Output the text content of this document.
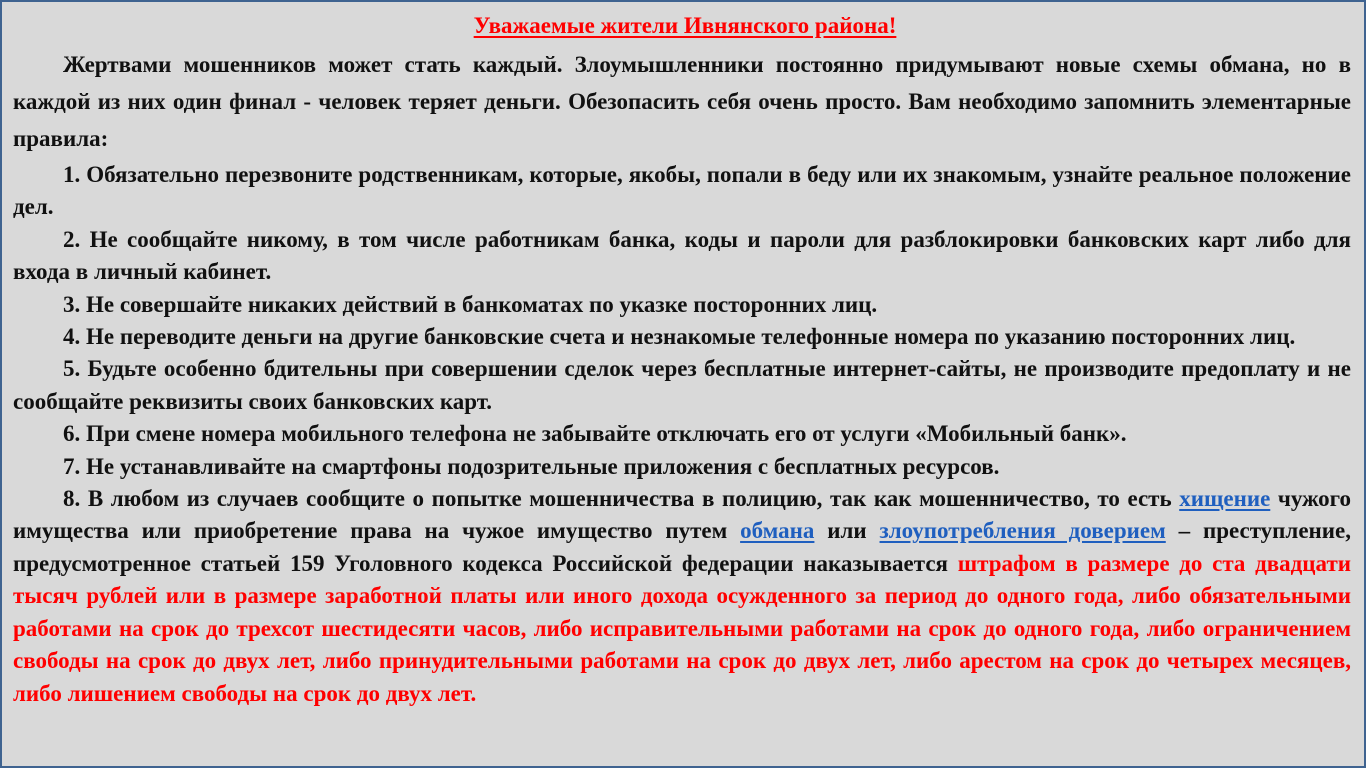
Уважаемые жители Ивнянского района!

Жертвами мошенников может стать каждый. Злоумышленники постоянно придумывают новые схемы обмана, но в каждой из них один финал - человек теряет деньги. Обезопасить себя очень просто. Вам необходимо запомнить элементарные правила:

1. Обязательно перезвоните родственникам, которые, якобы, попали в беду или их знакомым, узнайте реальное положение дел.

2. Не сообщайте никому, в том числе работникам банка, коды и пароли для разблокировки банковских карт либо для входа в личный кабинет.

3. Не совершайте никаких действий в банкоматах по указке посторонних лиц.

4. Не переводите деньги на другие банковские счета и незнакомые телефонные номера по указанию посторонних лиц.

5. Будьте особенно бдительны при совершении сделок через бесплатные интернет-сайты, не производите предоплату и не сообщайте реквизиты своих банковских карт.

6. При смене номера мобильного телефона не забывайте отключать его от услуги «Мобильный банк».

7. Не устанавливайте на смартфоны подозрительные приложения с бесплатных ресурсов.

8. В любом из случаев сообщите о попытке мошенничества в полицию, так как мошенничество, то есть хищение чужого имущества или приобретение права на чужое имущество путем обмана или злоупотребления доверием – преступление, предусмотренное статьей 159 Уголовного кодекса Российской федерации наказывается штрафом в размере до ста двадцати тысяч рублей или в размере заработной платы или иного дохода осужденного за период до одного года, либо обязательными работами на срок до трехсот шестидесяти часов, либо исправительными работами на срок до одного года, либо ограничением свободы на срок до двух лет, либо принудительными работами на срок до двух лет, либо арестом на срок до четырех месяцев, либо лишением свободы на срок до двух лет.
